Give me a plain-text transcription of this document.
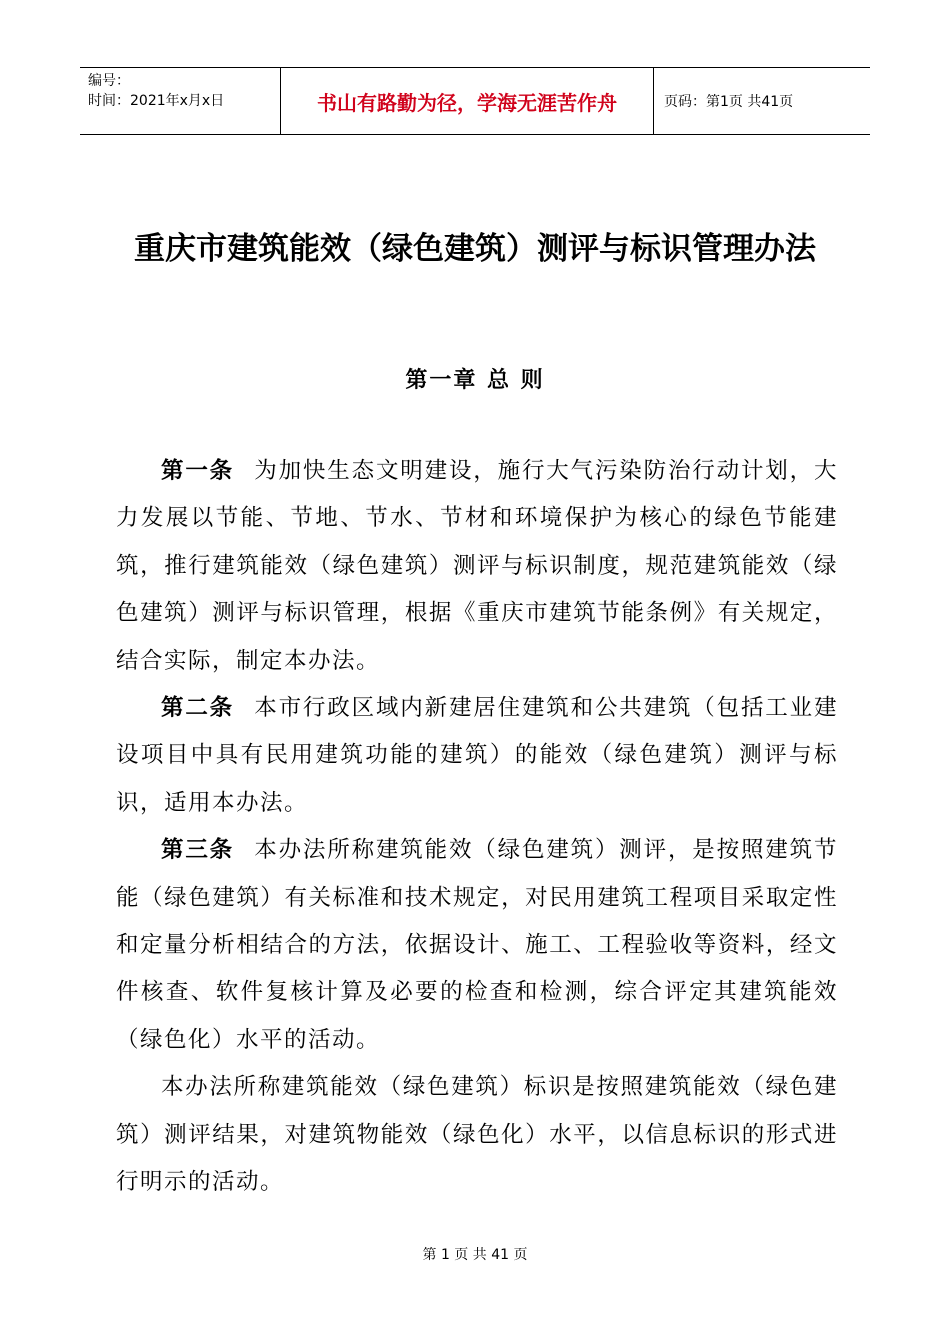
编号：
时间：2021年x月x日	书山有路勤为径，学海无涯苦作舟	页码：第1页 共41页
重庆市建筑能效（绿色建筑）测评与标识管理办法
第一章 总 则

第一条 为加快生态文明建设，施行大气污染防治行动计划，大力发展以节能、节地、节水、节材和环境保护为核心的绿色节能建筑，推行建筑能效（绿色建筑）测评与标识制度，规范建筑能效（绿色建筑）测评与标识管理，根据《重庆市建筑节能条例》有关规定，结合实际，制定本办法。

第二条 本市行政区域内新建居住建筑和公共建筑（包括工业建设项目中具有民用建筑功能的建筑）的能效（绿色建筑）测评与标识，适用本办法。

第三条 本办法所称建筑能效（绿色建筑）测评，是按照建筑节能（绿色建筑）有关标准和技术规定，对民用建筑工程项目采取定性和定量分析相结合的方法，依据设计、施工、工程验收等资料，经文件核查、软件复核计算及必要的检查和检测，综合评定其建筑能效（绿色化）水平的活动。

本办法所称建筑能效（绿色建筑）标识是按照建筑能效（绿色建筑）测评结果，对建筑物能效（绿色化）水平，以信息标识的形式进行明示的活动。

第 1 页 共 41 页
